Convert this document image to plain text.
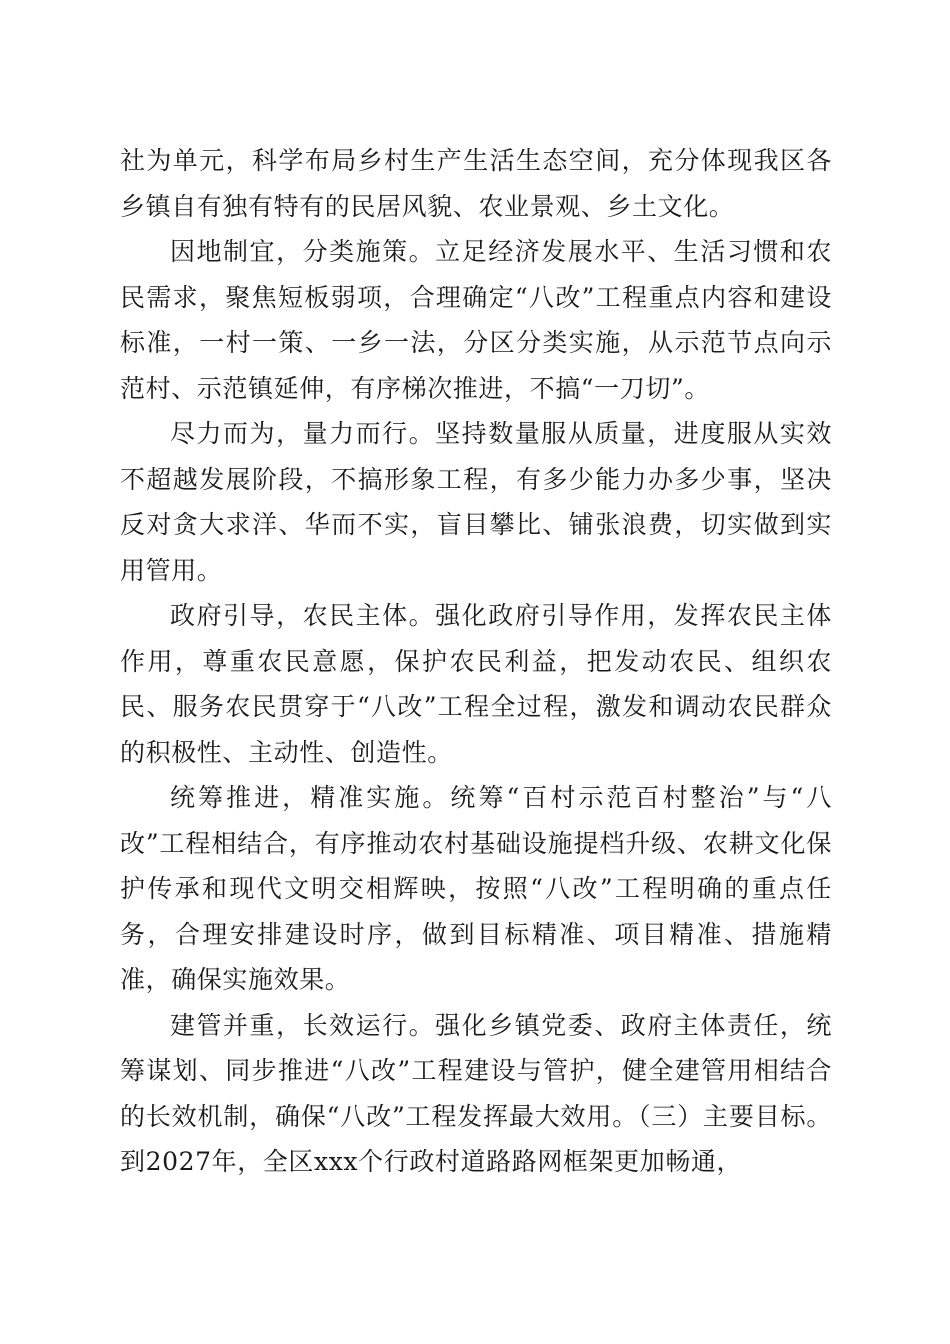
社为单元，科学布局乡村生产生活生态空间，充分体现我区各乡镇自有独有特有的民居风貌、农业景观、乡土文化。

因地制宜，分类施策。立足经济发展水平、生活习惯和农民需求，聚焦短板弱项，合理确定“八改”工程重点内容和建设标准，一村一策、一乡一法，分区分类实施，从示范节点向示范村、示范镇延伸，有序梯次推进，不搞“一刀切”。

尽力而为，量力而行。坚持数量服从质量，进度服从实效不超越发展阶段，不搞形象工程，有多少能力办多少事，坚决反对贪大求洋、华而不实，盲目攀比、铺张浪费，切实做到实用管用。

政府引导，农民主体。强化政府引导作用，发挥农民主体作用，尊重农民意愿，保护农民利益，把发动农民、组织农民、服务农民贯穿于“八改”工程全过程，激发和调动农民群众的积极性、主动性、创造性。

统筹推进，精准实施。统筹“百村示范百村整治”与“八改”工程相结合，有序推动农村基础设施提档升级、农耕文化保护传承和现代文明交相辉映，按照“八改”工程明确的重点任务，合理安排建设时序，做到目标精准、项目精准、措施精准，确保实施效果。

建管并重，长效运行。强化乡镇党委、政府主体责任，统筹谋划、同步推进“八改”工程建设与管护，健全建管用相结合的长效机制，确保“八改”工程发挥最大效用。（三）主要目标。到2027年，全区xxx个行政村道路路网框架更加畅通，
